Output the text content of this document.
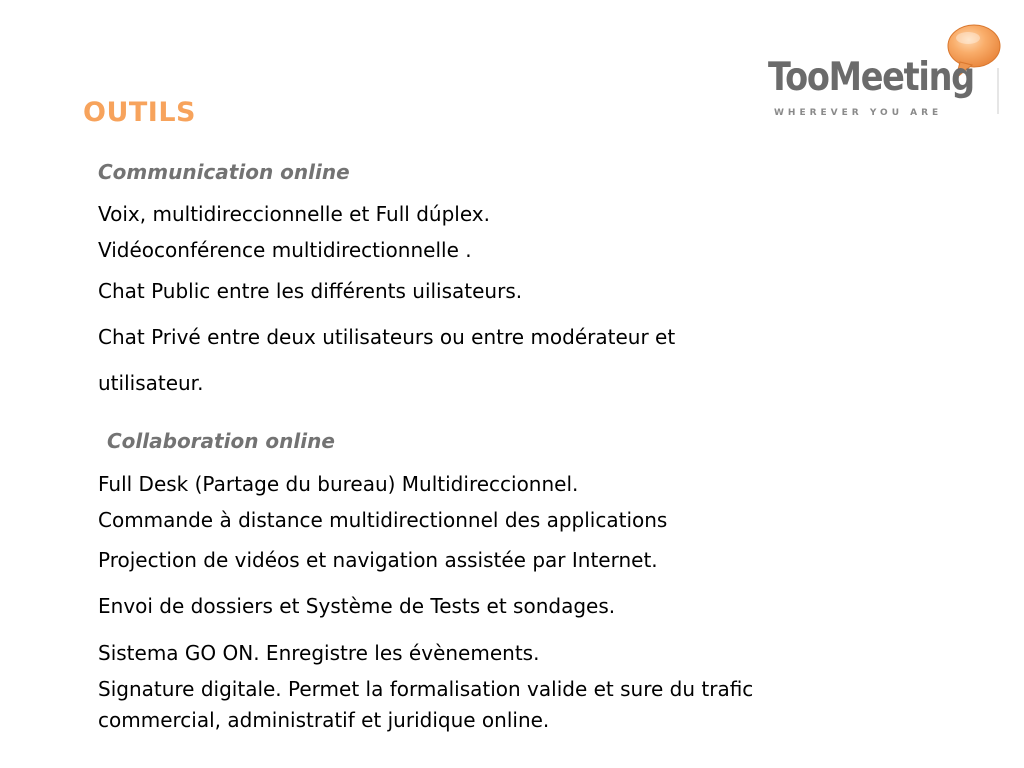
TooMeeting
WHEREVER YOU ARE
OUTILS
Communication online
Voix, multidireccionnelle et Full dúplex.
Vidéoconférence multidirectionnelle .
Chat Public entre les différents uilisateurs.
Chat Privé entre deux utilisateurs ou entre modérateur et
utilisateur.
Collaboration online
Full Desk (Partage du bureau) Multidireccionnel.
Commande à distance multidirectionnel des applications
Projection de vidéos et navigation assistée par Internet.
Envoi de dossiers et Système de Tests et sondages.
Sistema GO ON. Enregistre les évènements.
Signature digitale. Permet la formalisation valide et sure du trafic
commercial, administratif et juridique online.
